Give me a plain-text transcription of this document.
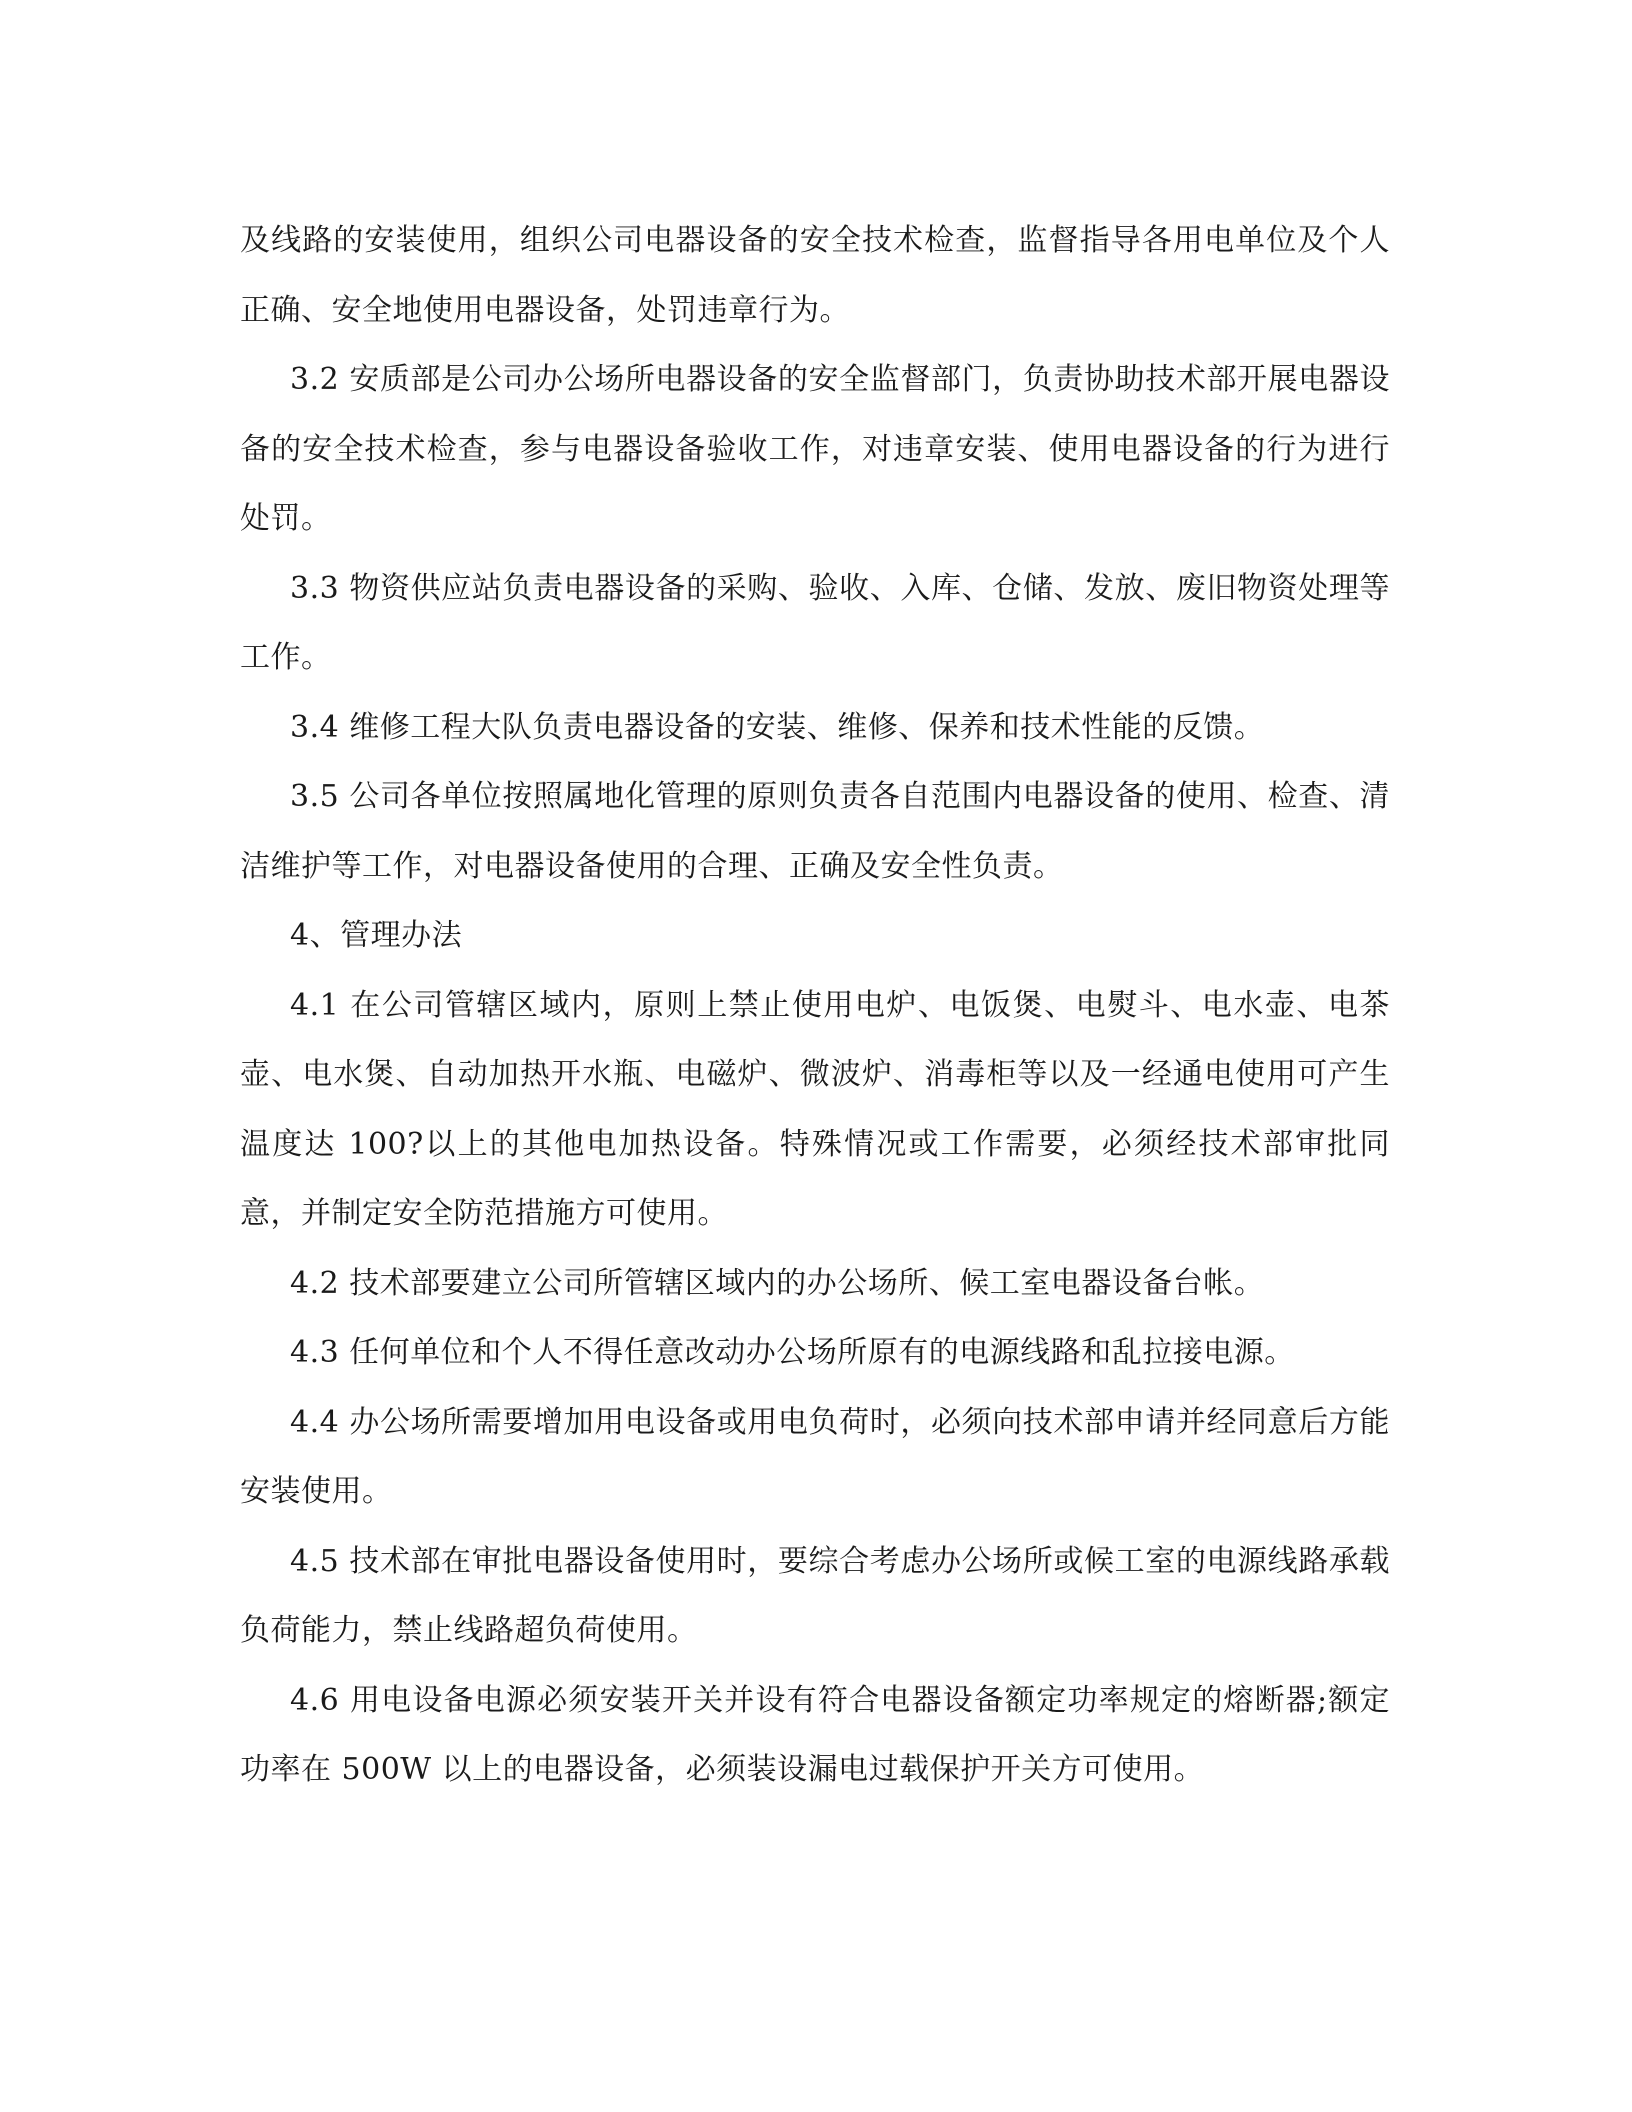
及线路的安装使用，组织公司电器设备的安全技术检查，监督指导各用电单位及个人正确、安全地使用电器设备，处罚违章行为。

3.2 安质部是公司办公场所电器设备的安全监督部门，负责协助技术部开展电器设备的安全技术检查，参与电器设备验收工作，对违章安装、使用电器设备的行为进行处罚。

3.3 物资供应站负责电器设备的采购、验收、入库、仓储、发放、废旧物资处理等工作。

3.4 维修工程大队负责电器设备的安装、维修、保养和技术性能的反馈。

3.5 公司各单位按照属地化管理的原则负责各自范围内电器设备的使用、检查、清洁维护等工作，对电器设备使用的合理、正确及安全性负责。

4、管理办法

4.1 在公司管辖区域内，原则上禁止使用电炉、电饭煲、电熨斗、电水壶、电茶壶、电水煲、自动加热开水瓶、电磁炉、微波炉、消毒柜等以及一经通电使用可产生温度达 100?以上的其他电加热设备。特殊情况或工作需要，必须经技术部审批同意，并制定安全防范措施方可使用。

4.2 技术部要建立公司所管辖区域内的办公场所、候工室电器设备台帐。

4.3 任何单位和个人不得任意改动办公场所原有的电源线路和乱拉接电源。

4.4 办公场所需要增加用电设备或用电负荷时，必须向技术部申请并经同意后方能安装使用。

4.5 技术部在审批电器设备使用时，要综合考虑办公场所或候工室的电源线路承载负荷能力，禁止线路超负荷使用。

4.6 用电设备电源必须安装开关并设有符合电器设备额定功率规定的熔断器;额定功率在 500W 以上的电器设备，必须装设漏电过载保护开关方可使用。
